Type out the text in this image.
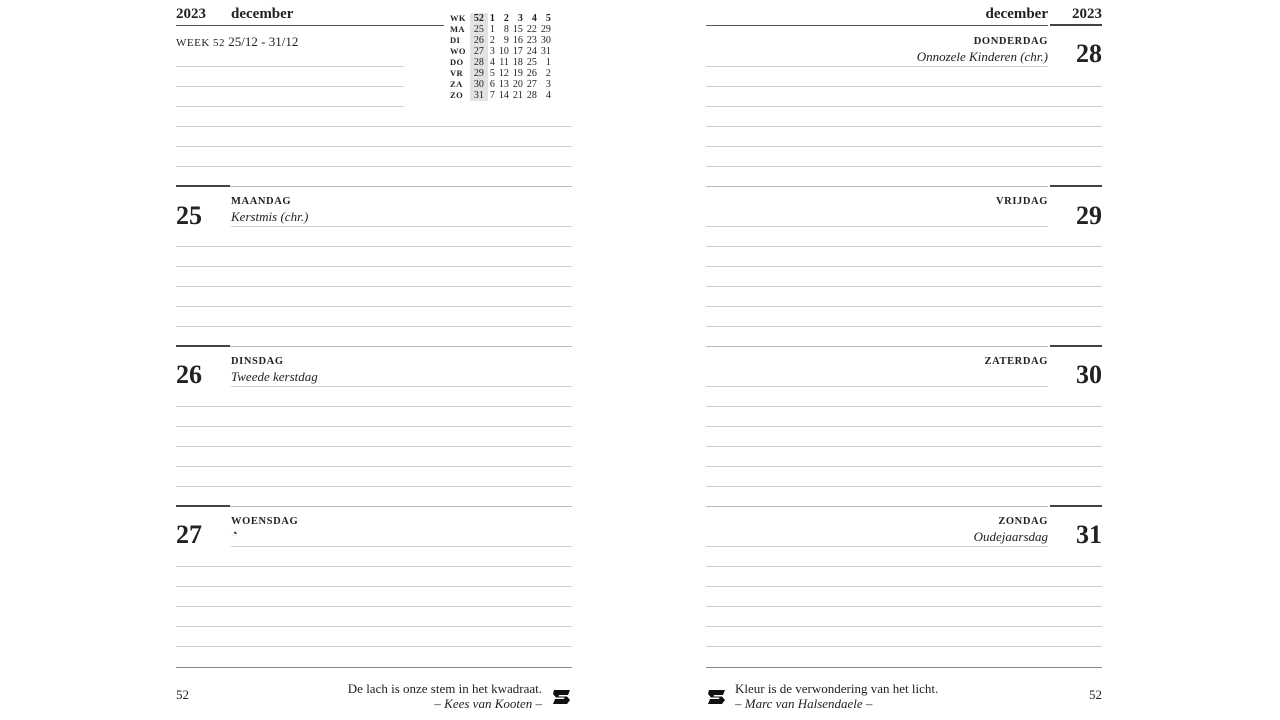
2023 december
WEEK 52 25/12 - 31/12
WK	52	1	2	3	4	5
MA	25	1	8	15	22	29
DI	26	2	9	16	23	30
WO	27	3	10	17	24	31
DO	28	4	11	18	25	1
VR	29	5	12	19	26	2
ZA	30	6	13	20	27	3
ZO	31	7	14	21	28	4
25	MAANDAG
Kerstmis (chr.)
26	DINSDAG
Tweede kerstdag
27	WOENSDAG
◔
52	De lach is onze stem in het kwadraat.
– Kees van Kooten –
december 2023
DONDERDAG
Onnozele Kinderen (chr.) 28
VRIJDAG 29
ZATERDAG 30
ZONDAG
Oudejaarsdag 31
Kleur is de verwondering van het licht.
– Marc van Halsendaele –
52
